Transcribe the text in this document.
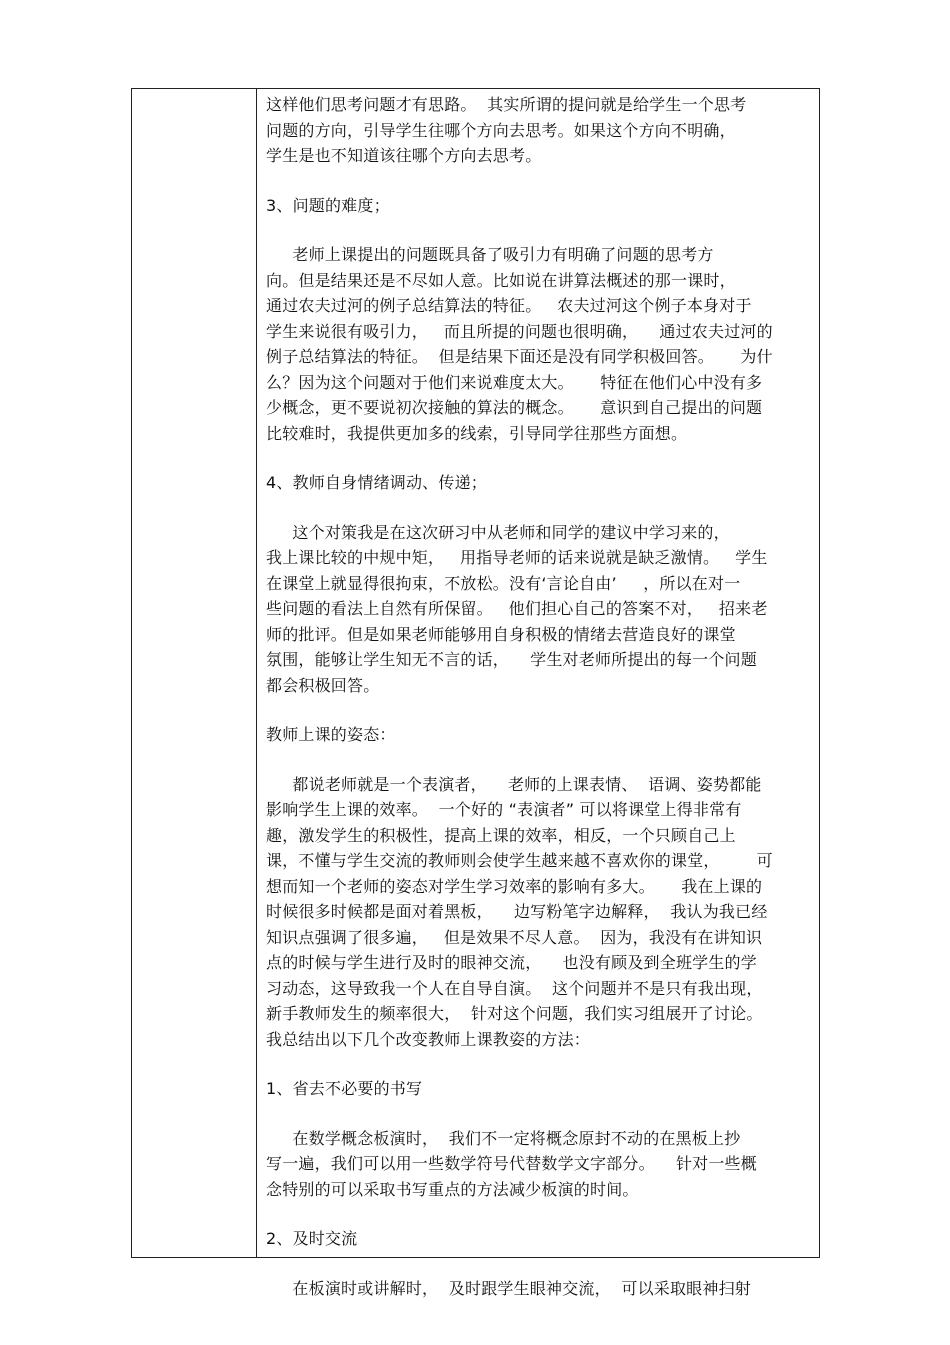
这样他们思考问题才有思路。  其实所谓的提问就是给学生一个思考
问题的方向，引导学生往哪个方向去思考。如果这个方向不明确，
学生是也不知道该往哪个方向去思考。
3、问题的难度；
老师上课提出的问题既具备了吸引力有明确了问题的思考方
向。但是结果还是不尽如人意。比如说在讲算法概述的那一课时，
通过农夫过河的例子总结算法的特征。   农夫过河这个例子本身对于
学生来说很有吸引力，   而且所提的问题也很明确，    通过农夫过河的
例子总结算法的特征。  但是结果下面还是没有同学积极回答。     为什
么？因为这个问题对于他们来说难度太大。     特征在他们心中没有多
少概念，更不要说初次接触的算法的概念。     意识到自己提出的问题
比较难时，我提供更加多的线索，引导同学往那些方面想。
4、教师自身情绪调动、传递；
这个对策我是在这次研习中从老师和同学的建议中学习来的，
我上课比较的中规中矩，   用指导老师的话来说就是缺乏激情。   学生
在课堂上就显得很拘束，不放松。没有‘言论自由’     ，所以在对一
些问题的看法上自然有所保留。   他们担心自己的答案不对，   招来老
师的批评。但是如果老师能够用自身积极的情绪去营造良好的课堂
氛围，能够让学生知无不言的话，    学生对老师所提出的每一个问题
都会积极回答。
教师上课的姿态：
都说老师就是一个表演者，    老师的上课表情、  语调、姿势都能
影响学生上课的效率。  一个好的 “表演者” 可以将课堂上得非常有
趣，激发学生的积极性，提高上课的效率，相反，一个只顾自己上
课，不懂与学生交流的教师则会使学生越来越不喜欢你的课堂，       可
想而知一个老师的姿态对学生学习效率的影响有多大。     我在上课的
时候很多时候都是面对着黑板，    边写粉笔字边解释，  我认为我已经
知识点强调了很多遍，   但是效果不尽人意。  因为，我没有在讲知识
点的时候与学生进行及时的眼神交流，    也没有顾及到全班学生的学
习动态，这导致我一个人在自导自演。  这个问题并不是只有我出现，
新手教师发生的频率很大，  针对这个问题，我们实习组展开了讨论。
我总结出以下几个改变教师上课教姿的方法：
1、省去不必要的书写
在数学概念板演时，  我们不一定将概念原封不动的在黑板上抄
写一遍，我们可以用一些数学符号代替数学文字部分。    针对一些概
念特别的可以采取书写重点的方法减少板演的时间。
2、及时交流
在板演时或讲解时，  及时跟学生眼神交流，  可以采取眼神扫射
